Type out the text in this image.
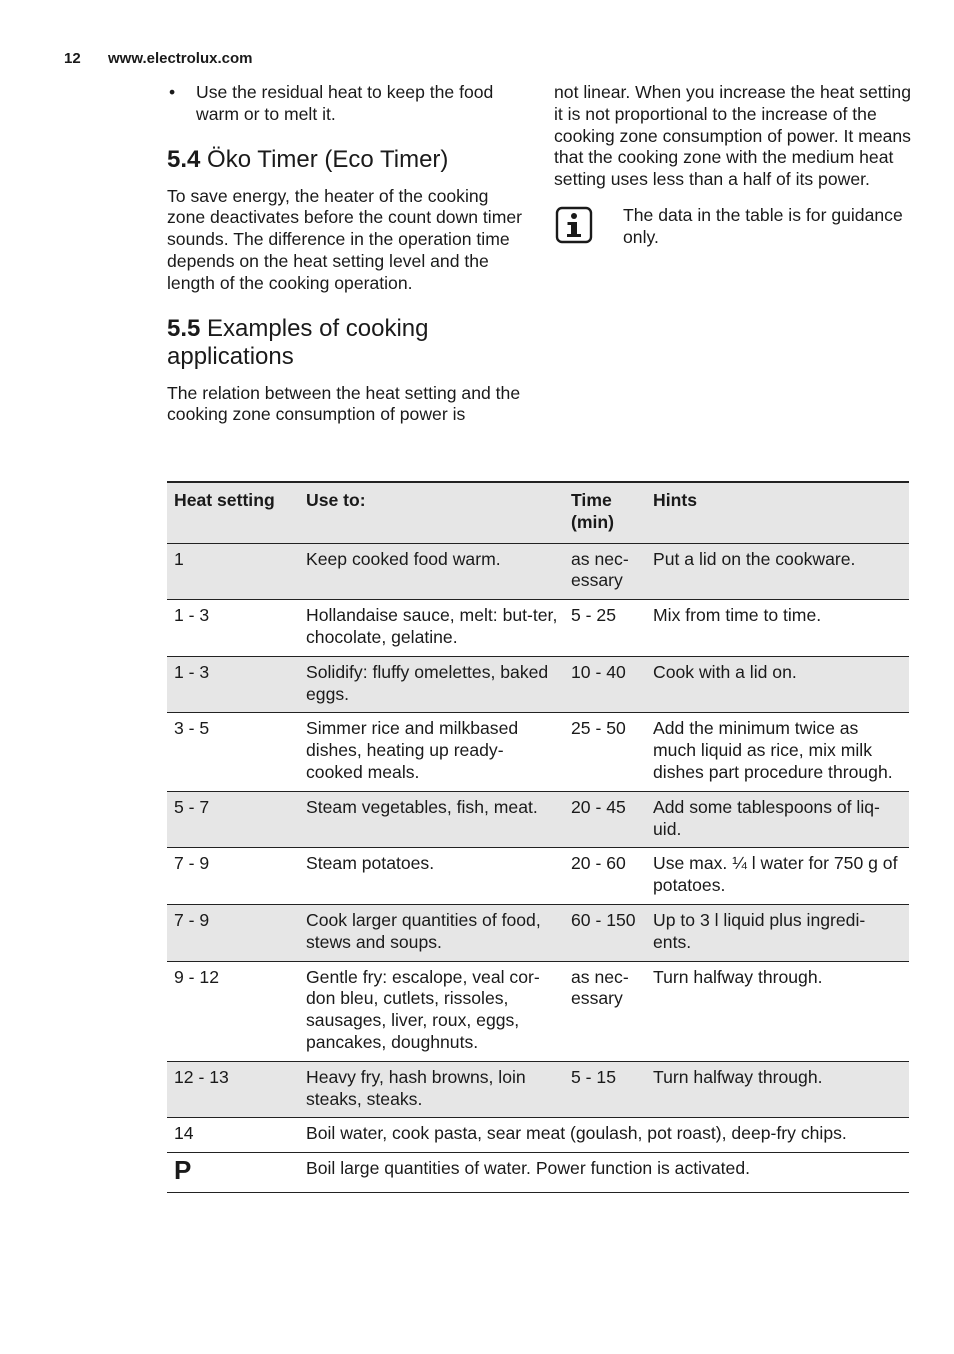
12 www.electrolux.com
•	Use the residual heat to keep the food warm or to melt it.
5.4 Öko Timer (Eco Timer)

To save energy, the heater of the cooking zone deactivates before the count down timer sounds. The difference in the operation time depends on the heat setting level and the length of the cooking operation.

5.5 Examples of cooking applications

The relation between the heat setting and the cooking zone consumption of power is

not linear. When you increase the heat setting it is not proportional to the increase of the cooking zone consumption of power. It means that the cooking zone with the medium heat setting uses less than a half of its power.

The data in the table is for guidance only.
Heat setting	Use to:	Time (min)	Hints
1	Keep cooked food warm.	as nec-essary	Put a lid on the cookware.
1 - 3	Hollandaise sauce, melt: but-ter, chocolate, gelatine.	5 - 25	Mix from time to time.
1 - 3	Solidify: fluffy omelettes, baked eggs.	10 - 40	Cook with a lid on.
3 - 5	Simmer rice and milkbased dishes, heating up ready-cooked meals.	25 - 50	Add the minimum twice as much liquid as rice, mix milk dishes part procedure through.
5 - 7	Steam vegetables, fish, meat.	20 - 45	Add some tablespoons of liq-uid.
7 - 9	Steam potatoes.	20 - 60	Use max. ¼ l water for 750 g of potatoes.
7 - 9	Cook larger quantities of food, stews and soups.	60 - 150	Up to 3 l liquid plus ingredi-ents.
9 - 12	Gentle fry: escalope, veal cor-don bleu, cutlets, rissoles, sausages, liver, roux, eggs, pancakes, doughnuts.	as nec-essary	Turn halfway through.
12 - 13	Heavy fry, hash browns, loin steaks, steaks.	5 - 15	Turn halfway through.
14	Boil water, cook pasta, sear meat (goulash, pot roast), deep-fry chips.		
P	Boil large quantities of water. Power function is activated.		
